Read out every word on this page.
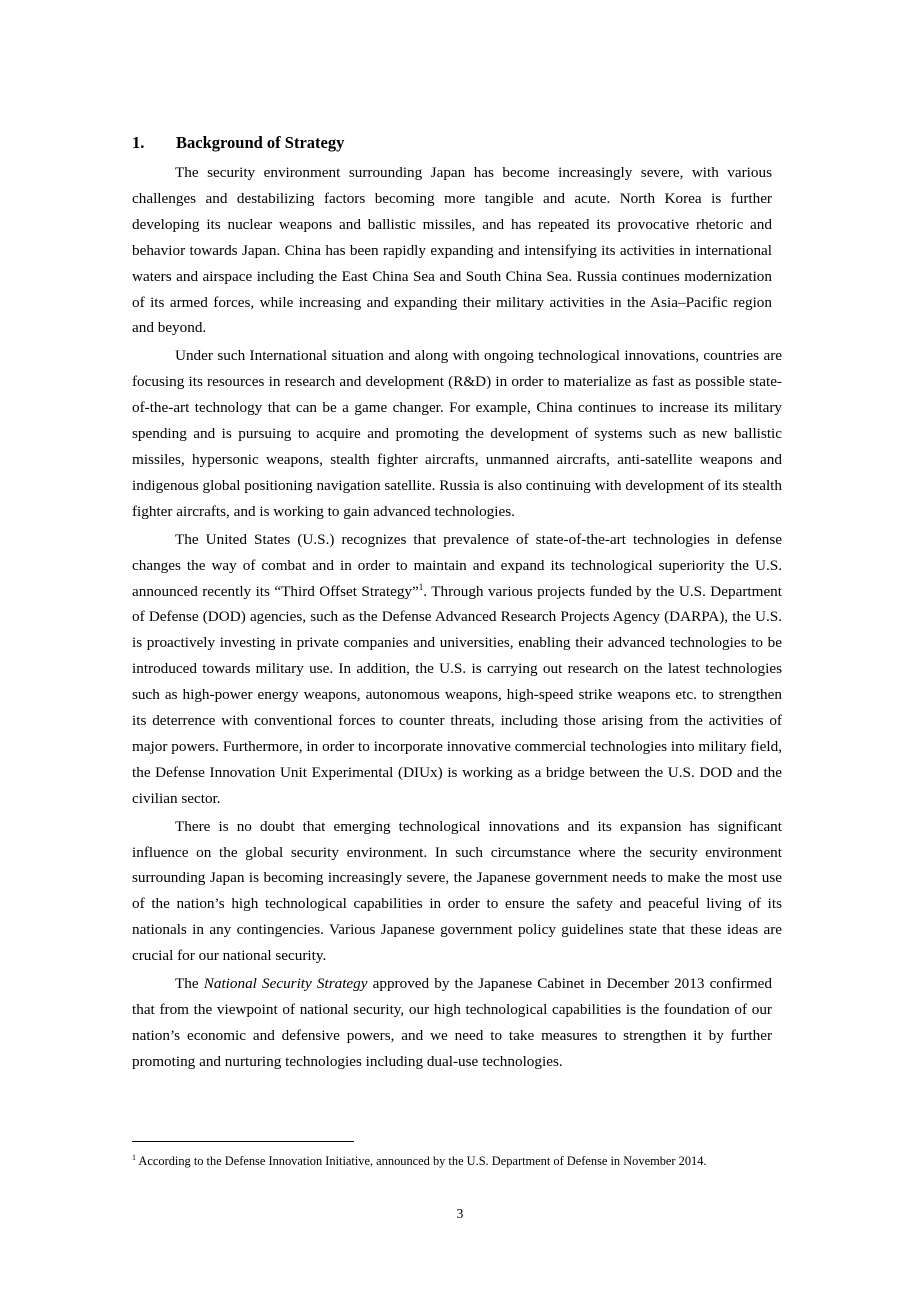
1. Background of Strategy

The security environment surrounding Japan has become increasingly severe, with various challenges and destabilizing factors becoming more tangible and acute. North Korea is further developing its nuclear weapons and ballistic missiles, and has repeated its provocative rhetoric and behavior towards Japan. China has been rapidly expanding and intensifying its activities in international waters and airspace including the East China Sea and South China Sea. Russia continues modernization of its armed forces, while increasing and expanding their military activities in the Asia–Pacific region and beyond.

Under such International situation and along with ongoing technological innovations, countries are focusing its resources in research and development (R&D) in order to materialize as fast as possible state-of-the-art technology that can be a game changer. For example, China continues to increase its military spending and is pursuing to acquire and promoting the development of systems such as new ballistic missiles, hypersonic weapons, stealth fighter aircrafts, unmanned aircrafts, anti-satellite weapons and indigenous global positioning navigation satellite. Russia is also continuing with development of its stealth fighter aircrafts, and is working to gain advanced technologies.

The United States (U.S.) recognizes that prevalence of state-of-the-art technologies in defense changes the way of combat and in order to maintain and expand its technological superiority the U.S. announced recently its “Third Offset Strategy”$^1$. Through various projects funded by the U.S. Department of Defense (DOD) agencies, such as the Defense Advanced Research Projects Agency (DARPA), the U.S. is proactively investing in private companies and universities, enabling their advanced technologies to be introduced towards military use. In addition, the U.S. is carrying out research on the latest technologies such as high-power energy weapons, autonomous weapons, high-speed strike weapons etc. to strengthen its deterrence with conventional forces to counter threats, including those arising from the activities of major powers. Furthermore, in order to incorporate innovative commercial technologies into military field, the Defense Innovation Unit Experimental (DIUx) is working as a bridge between the U.S. DOD and the civilian sector.

There is no doubt that emerging technological innovations and its expansion has significant influence on the global security environment. In such circumstance where the security environment surrounding Japan is becoming increasingly severe, the Japanese government needs to make the most use of the nation’s high technological capabilities in order to ensure the safety and peaceful living of its nationals in any contingencies. Various Japanese government policy guidelines state that these ideas are crucial for our national security.

The National Security Strategy approved by the Japanese Cabinet in December 2013 confirmed that from the viewpoint of national security, our high technological capabilities is the foundation of our nation’s economic and defensive powers, and we need to take measures to strengthen it by further promoting and nurturing technologies including dual-use technologies.

$^1$ According to the Defense Innovation Initiative, announced by the U.S. Department of Defense in November 2014.

3
